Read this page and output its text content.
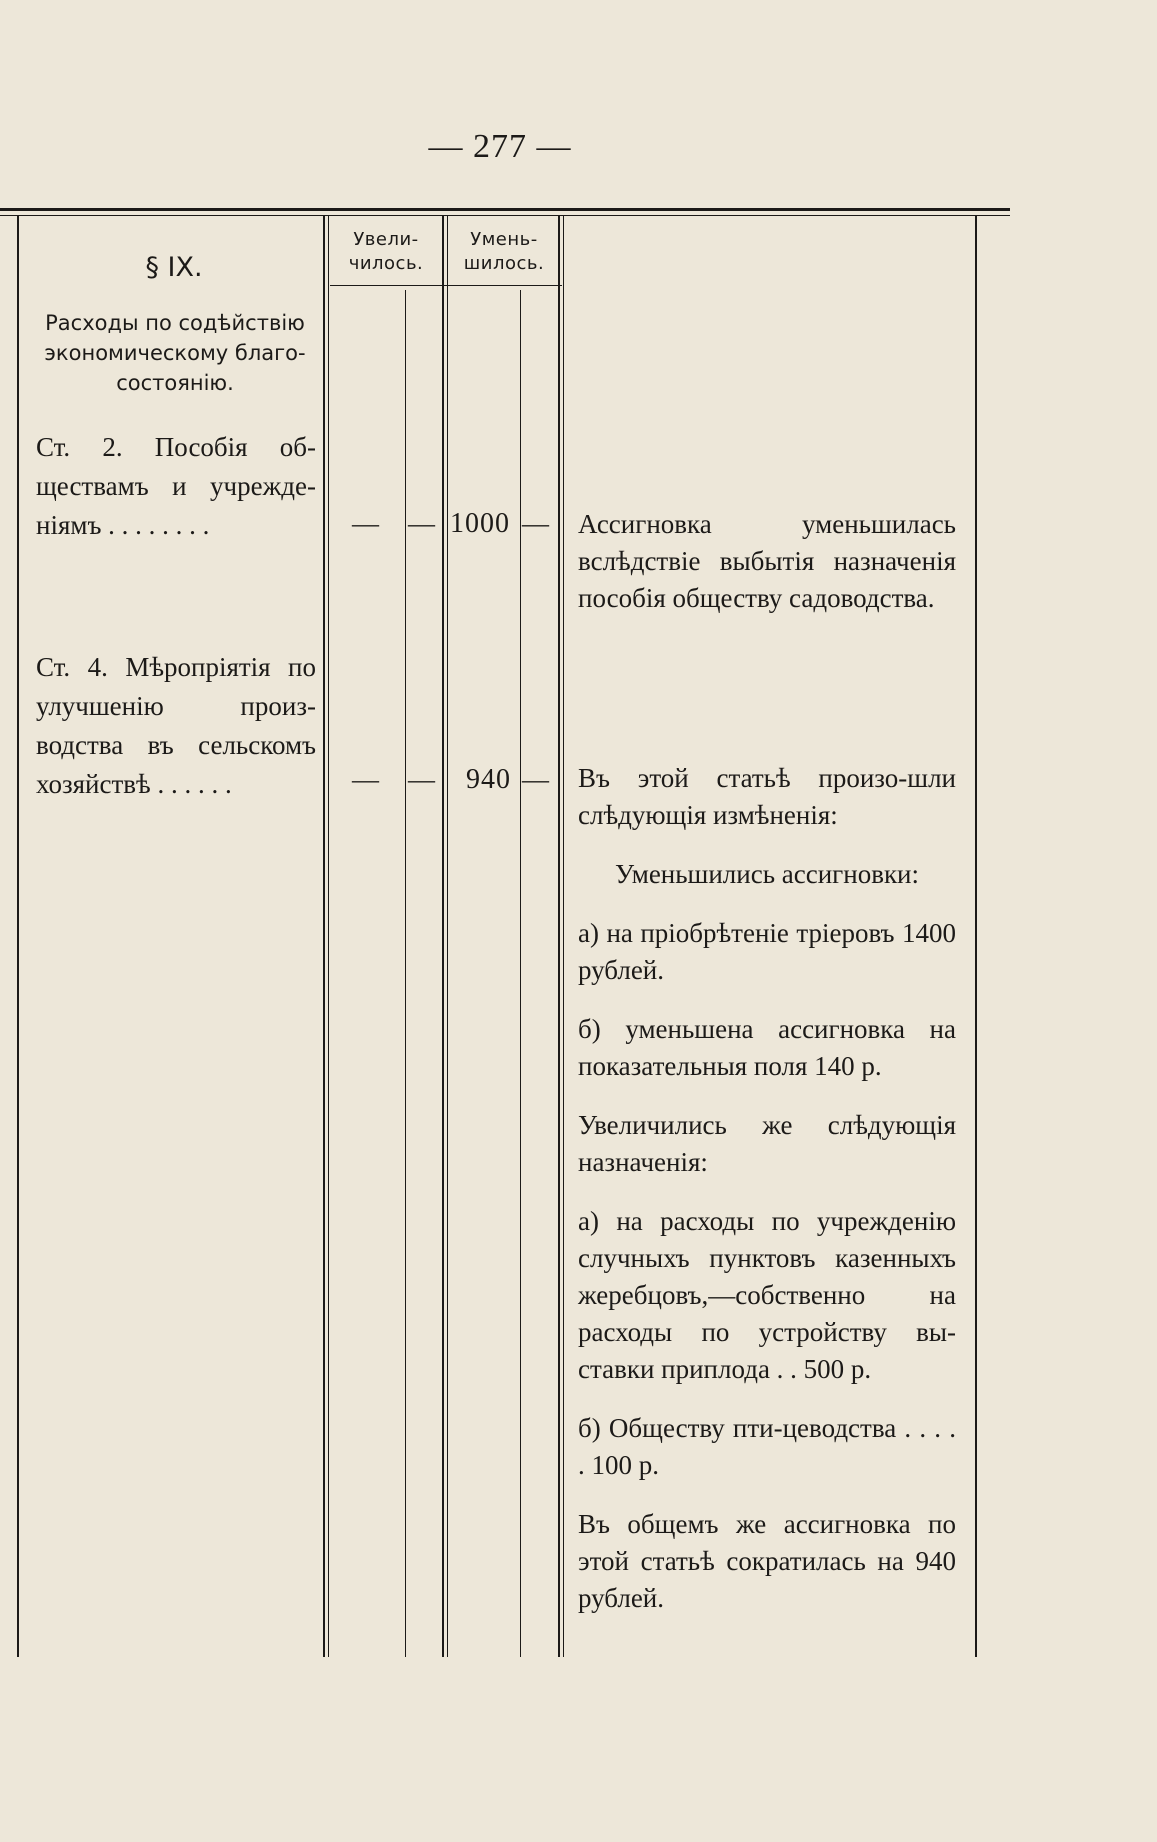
— 277 —
Увели-
чилось.
Умень-
шилось.
§ IX.
Расходы по содѣйствію экономическому благо-состоянію.
Ст. 2. Пособія об-ществамъ и учрежде-ніямъ . . . . . . . .	— — 1000 — Ассигновка уменьшилась вслѣдствіе выбытія назначенія пособія обществу садоводства.
Ст. 4. Мѣропріятія по улучшенію произ-водства въ сельскомъ хозяйствѣ . . . . . .	— — 940 — Въ этой статьѣ произо-шли слѣдующія измѣненія:

Уменьшились ассигновки:

а) на пріобрѣтеніе тріеровъ 1400 рублей.

б) уменьшена ассигновка на показательныя поля 140 р.

Увеличились же слѣдующія назначенія:

а) на расходы по учрежденію случныхъ пунктовъ казенныхъ жеребцовъ,—собственно на расходы по устройству вы-ставки приплода . . 500 р.

б) Обществу пти-цеводства . . . . . 100 р.

Въ общемъ же ассигновка по этой статьѣ сократилась на 940 рублей.
